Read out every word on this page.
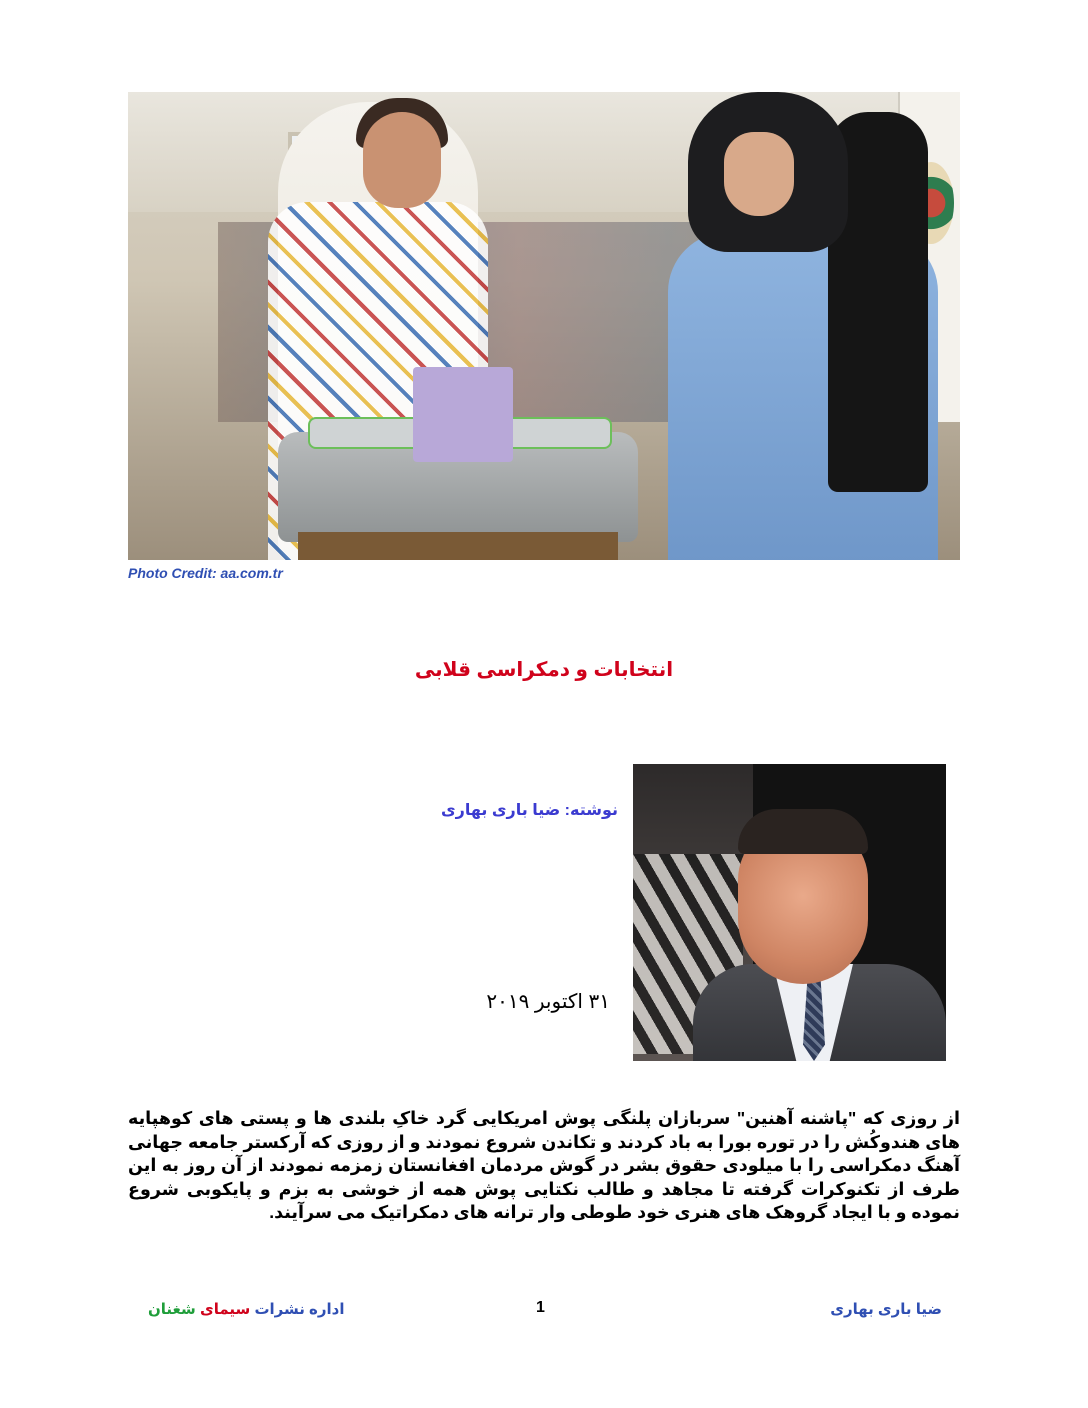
Photo Credit: aa.com.tr
انتخابات و دمکراسی قلابی
نوشته: ضیا باری بهاری
۳۱ اکتوبر ۲۰۱۹
از روزی که "پاشنه آهنین" سربازان پلنگی پوش امریکایی گرد خاکِ بلندی ها و پستی های کوهپایه های هندوکُش را در توره بورا به باد کردند و تکاندن شروع نمودند و از روزی که آرکستر جامعه جهانی آهنگ دمکراسی را با میلودی حقوق بشر در گوش مردمان افغانستان زمزمه نمودند از آن روز به این طرف از تکنوکرات گرفته تا مجاهد و طالب نکتایی پوش همه از خوشی به بزم و پایکوبی شروع نموده و با ایجاد گروهک های هنری خود طوطی وار ترانه های دمکراتیک می سرآیند.
1	ضیا باری بهاری
اداره نشرات سیمای شغنان
